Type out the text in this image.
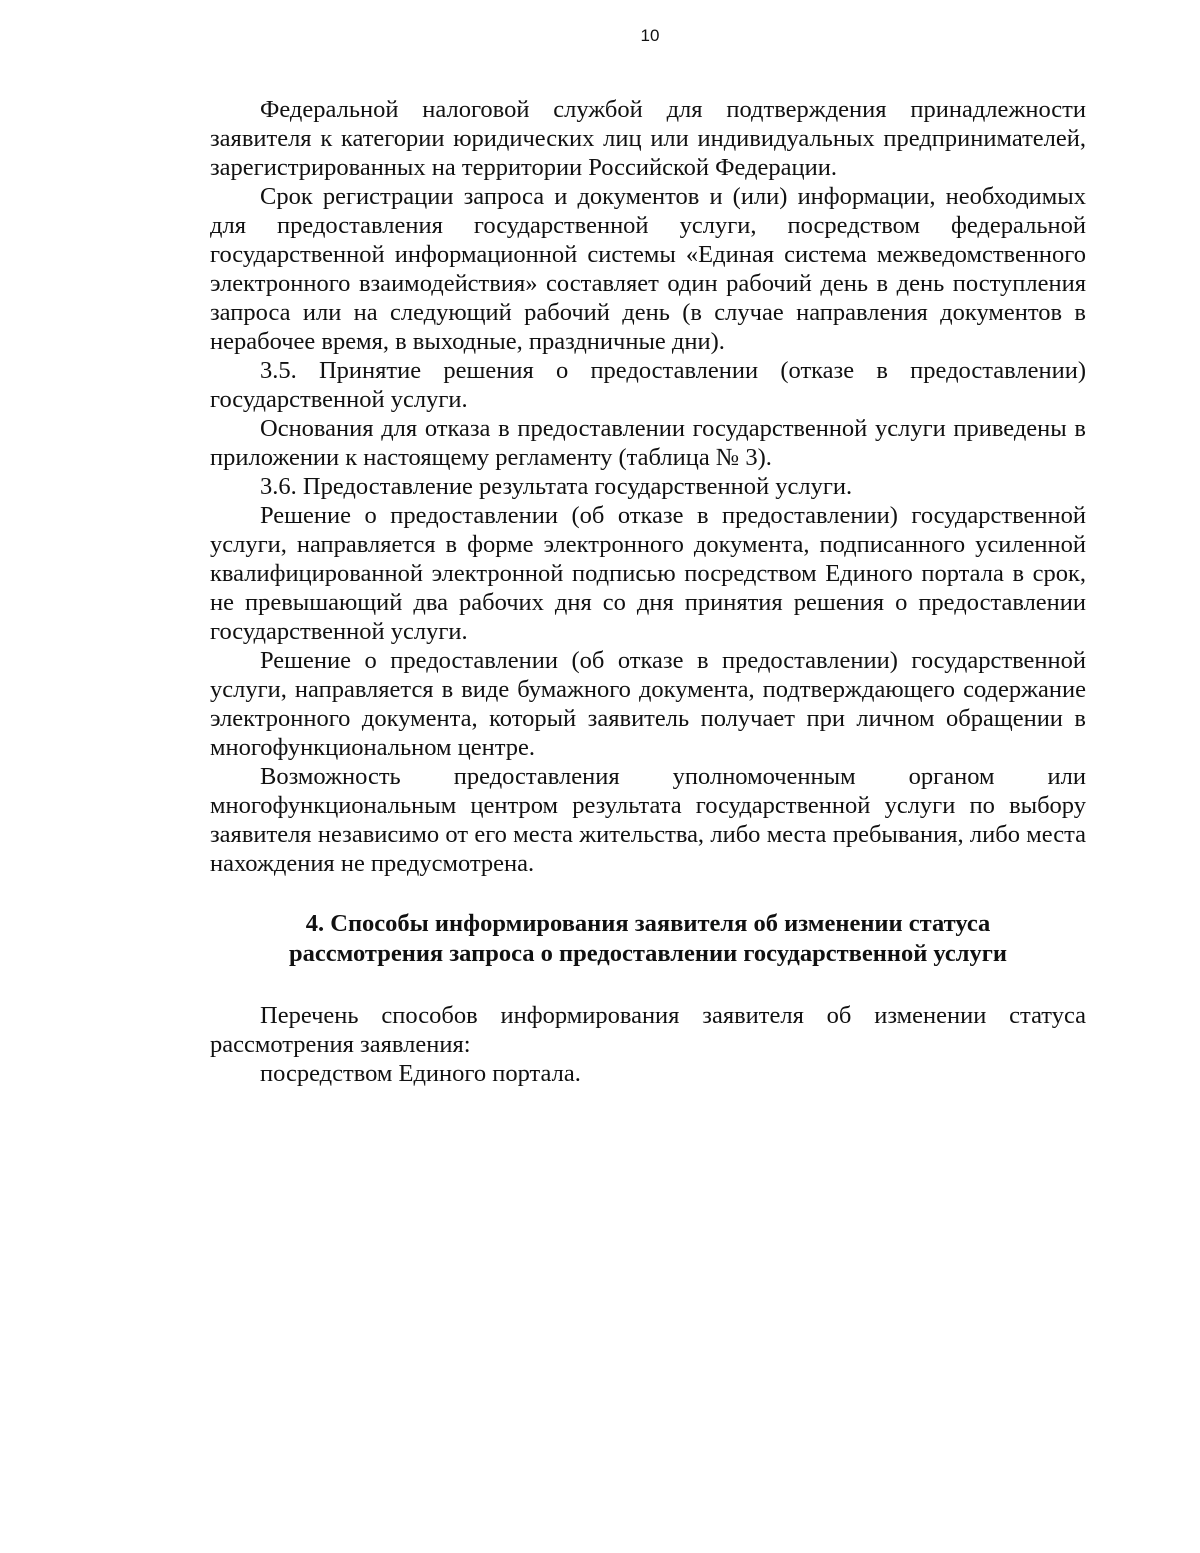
10

Федеральной налоговой службой для подтверждения принадлежности заявителя к категории юридических лиц или индивидуальных предпринимателей, зарегистрированных на территории Российской Федерации.

Срок регистрации запроса и документов и (или) информации, необходимых для предоставления государственной услуги, посредством федеральной государственной информационной системы «Единая система межведомственного электронного взаимодействия» составляет один рабочий день в день поступления запроса или на следующий рабочий день (в случае направления документов в нерабочее время, в выходные, праздничные дни).

3.5. Принятие решения о предоставлении (отказе в предоставлении) государственной услуги.

Основания для отказа в предоставлении государственной услуги приведены в приложении к настоящему регламенту (таблица № 3).

3.6. Предоставление результата государственной услуги.

Решение о предоставлении (об отказе в предоставлении) государственной услуги, направляется в форме электронного документа, подписанного усиленной квалифицированной электронной подписью посредством Единого портала в срок, не превышающий два рабочих дня со дня принятия решения о предоставлении государственной услуги.

Решение о предоставлении (об отказе в предоставлении) государственной услуги, направляется в виде бумажного документа, подтверждающего содержание электронного документа, который заявитель получает при личном обращении в многофункциональном центре.

Возможность предоставления уполномоченным органом или многофункциональным центром результата государственной услуги по выбору заявителя независимо от его места жительства, либо места пребывания, либо места нахождения не предусмотрена.

4. Способы информирования заявителя об изменении статуса
рассмотрения запроса о предоставлении государственной услуги

Перечень способов информирования заявителя об изменении статуса рассмотрения заявления:

посредством Единого портала.
